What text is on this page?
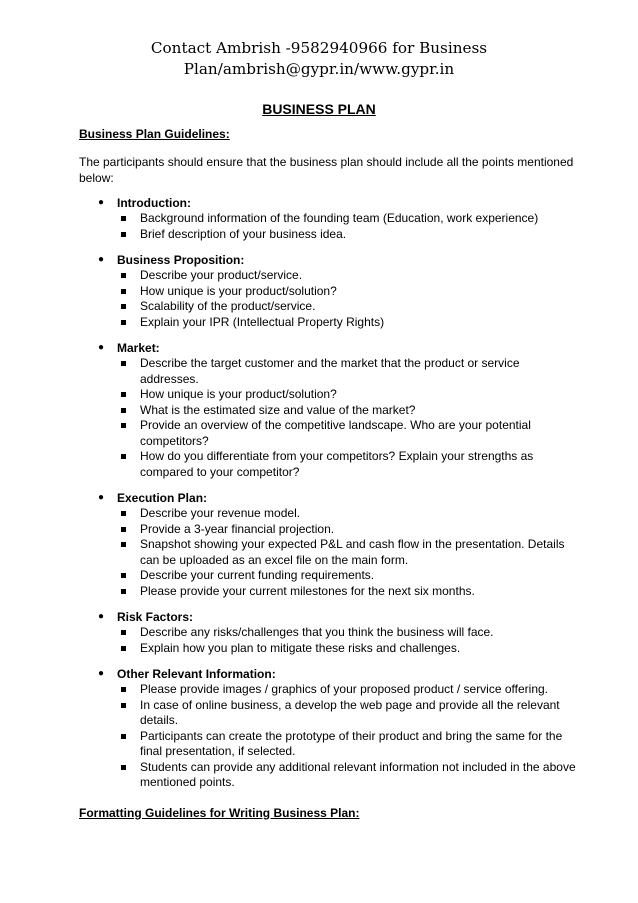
Contact Ambrish -9582940966 for Business
Plan/ambrish@gypr.in/www.gypr.in
BUSINESS PLAN
Business Plan Guidelines:
The participants should ensure that the business plan should include all the points mentioned below:
● Introduction:
Background information of the founding team (Education, work experience)
Brief description of your business idea.
● Business Proposition:
Describe your product/service.
How unique is your product/solution?
Scalability of the product/service.
Explain your IPR (Intellectual Property Rights)
● Market:
Describe the target customer and the market that the product or service addresses.
How unique is your product/solution?
What is the estimated size and value of the market?
Provide an overview of the competitive landscape. Who are your potential competitors?
How do you differentiate from your competitors? Explain your strengths as compared to your competitor?
● Execution Plan:
Describe your revenue model.
Provide a 3-year financial projection.
Snapshot showing your expected P&L and cash flow in the presentation. Details can be uploaded as an excel file on the main form.
Describe your current funding requirements.
Please provide your current milestones for the next six months.
● Risk Factors:
Describe any risks/challenges that you think the business will face.
Explain how you plan to mitigate these risks and challenges.
● Other Relevant Information:
Please provide images / graphics of your proposed product / service offering.
In case of online business, a develop the web page and provide all the relevant details.
Participants can create the prototype of their product and bring the same for the final presentation, if selected.
Students can provide any additional relevant information not included in the above mentioned points.
Formatting Guidelines for Writing Business Plan:
